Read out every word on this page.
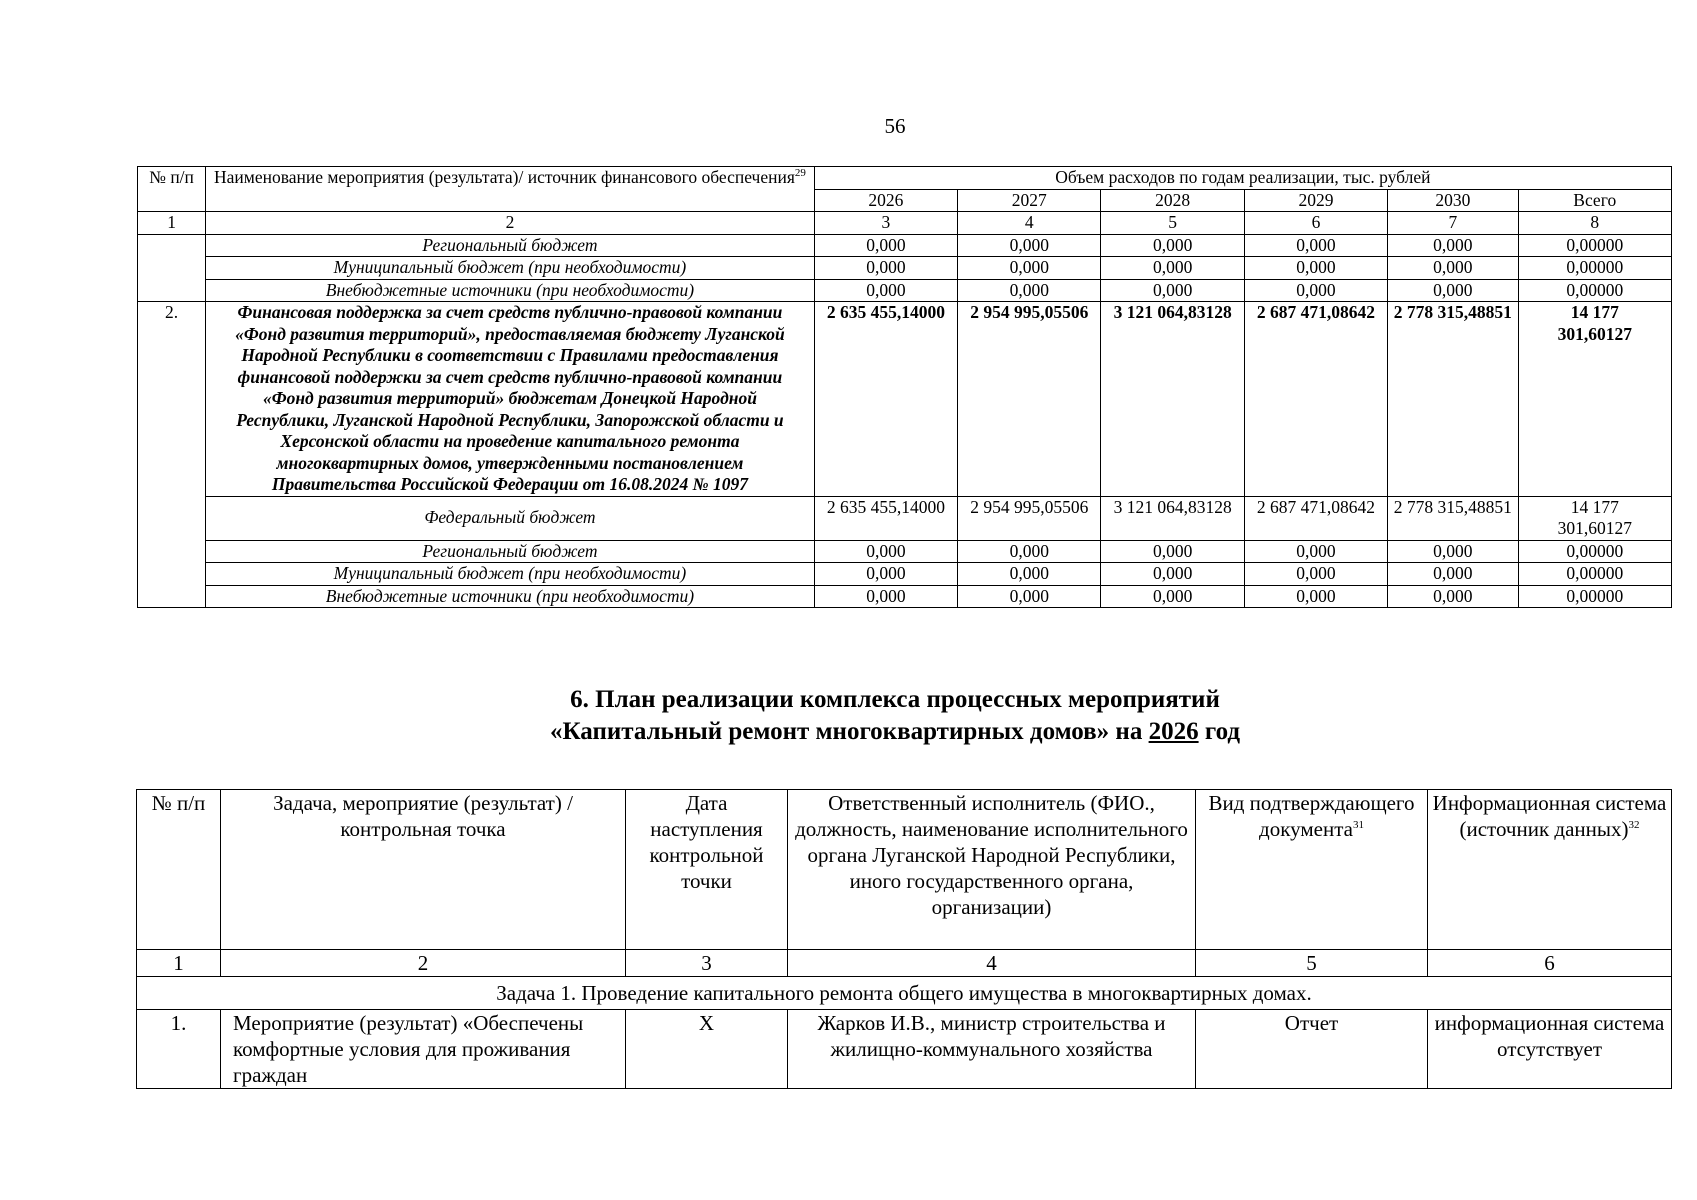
56
№ п/п	Наименование мероприятия (результата)/ источник финансового обеспечения$^{29}$	Объем расходов по годам реализации, тыс. рублей					
		2026	2027	2028	2029	2030	Всего
1	2	3	4	5	6	7	8
	Региональный бюджет	0,000	0,000	0,000	0,000	0,000	0,00000
	Муниципальный бюджет (при необходимости)	0,000	0,000	0,000	0,000	0,000	0,00000
	Внебюджетные источники (при необходимости)	0,000	0,000	0,000	0,000	0,000	0,00000
2.	Финансовая поддержка за счет средств публично-правовой компании «Фонд развития территорий», предоставляемая бюджету Луганской Народной Республики в соответствии с Правилами предоставления финансовой поддержки за счет средств публично-правовой компании «Фонд развития территорий» бюджетам Донецкой Народной Республики, Луганской Народной Республики, Запорожской области и Херсонской области на проведение капитального ремонта многоквартирных домов, утвержденными постановлением Правительства Российской Федерации от 16.08.2024 № 1097	2 635 455,14000	2 954 995,05506	3 121 064,83128	2 687 471,08642	2 778 315,48851	14 177 301,60127
	Федеральный бюджет	2 635 455,14000	2 954 995,05506	3 121 064,83128	2 687 471,08642	2 778 315,48851	14 177 301,60127
	Региональный бюджет	0,000	0,000	0,000	0,000	0,000	0,00000
	Муниципальный бюджет (при необходимости)	0,000	0,000	0,000	0,000	0,000	0,00000
	Внебюджетные источники (при необходимости)	0,000	0,000	0,000	0,000	0,000	0,00000
6. План реализации комплекса процессных мероприятий
«Капитальный ремонт многоквартирных домов» на 2026 год
№ п/п	Задача, мероприятие (результат) / контрольная точка	Дата наступления контрольной точки	Ответственный исполнитель (ФИО., должность, наименование исполнительного органа Луганской Народной Республики, иного государственного органа, организации)	Вид подтверждающего документа$^{31}$	Информационная система (источник данных)$^{32}$
1	2	3	4	5	6
Задача 1. Проведение капитального ремонта общего имущества в многоквартирных домах.					
1.	Мероприятие (результат) «Обеспечены комфортные условия для проживания граждан	Х	Жарков И.В., министр строительства и жилищно-коммунального хозяйства	Отчет	информационная система отсутствует
